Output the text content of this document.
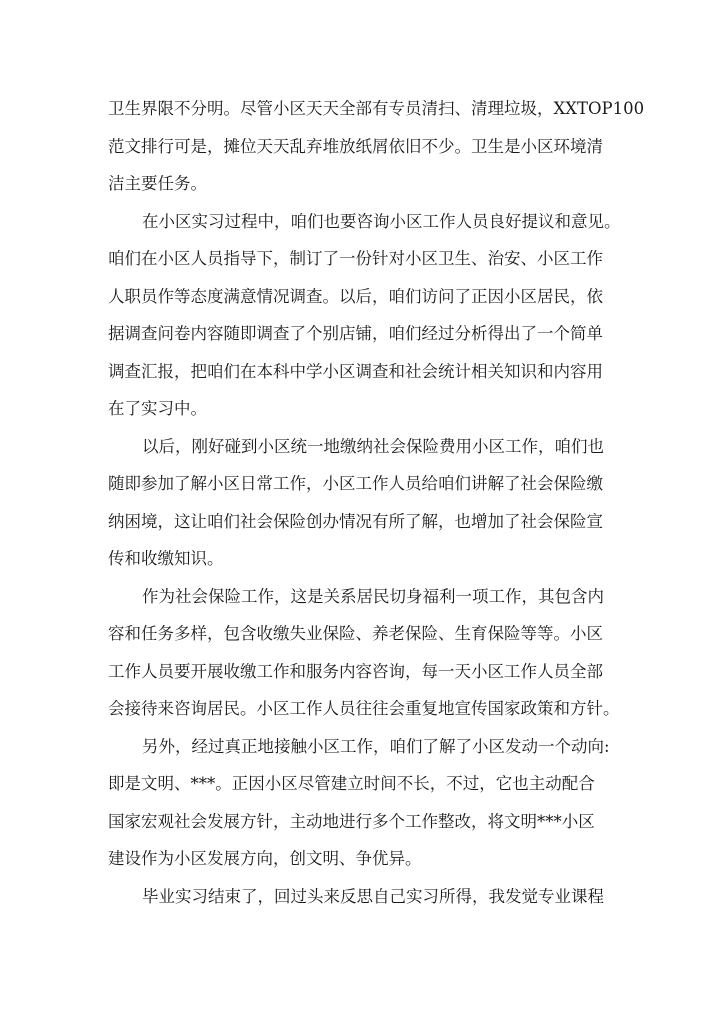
卫生界限不分明。尽管小区天天全部有专员清扫、清理垃圾，XXTOP100
范文排行可是，摊位天天乱弃堆放纸屑依旧不少。卫生是小区环境清
洁主要任务。
在小区实习过程中，咱们也要咨询小区工作人员良好提议和意见。
咱们在小区人员指导下，制订了一份针对小区卫生、治安、小区工作
人职员作等态度满意情况调查。以后，咱们访问了正因小区居民，依
据调查问卷内容随即调查了个别店铺，咱们经过分析得出了一个简单
调查汇报，把咱们在本科中学小区调查和社会统计相关知识和内容用
在了实习中。
以后，刚好碰到小区统一地缴纳社会保险费用小区工作，咱们也
随即参加了解小区日常工作，小区工作人员给咱们讲解了社会保险缴
纳困境，这让咱们社会保险创办情况有所了解，也增加了社会保险宣
传和收缴知识。
作为社会保险工作，这是关系居民切身福利一项工作，其包含内
容和任务多样，包含收缴失业保险、养老保险、生育保险等等。小区
工作人员要开展收缴工作和服务内容咨询，每一天小区工作人员全部
会接待来咨询居民。小区工作人员往往会重复地宣传国家政策和方针。
另外，经过真正地接触小区工作，咱们了解了小区发动一个动向:
即是文明、***。正因小区尽管建立时间不长，不过，它也主动配合
国家宏观社会发展方针，主动地进行多个工作整改，将文明***小区
建设作为小区发展方向，创文明、争优异。
毕业实习结束了，回过头来反思自己实习所得，我发觉专业课程
